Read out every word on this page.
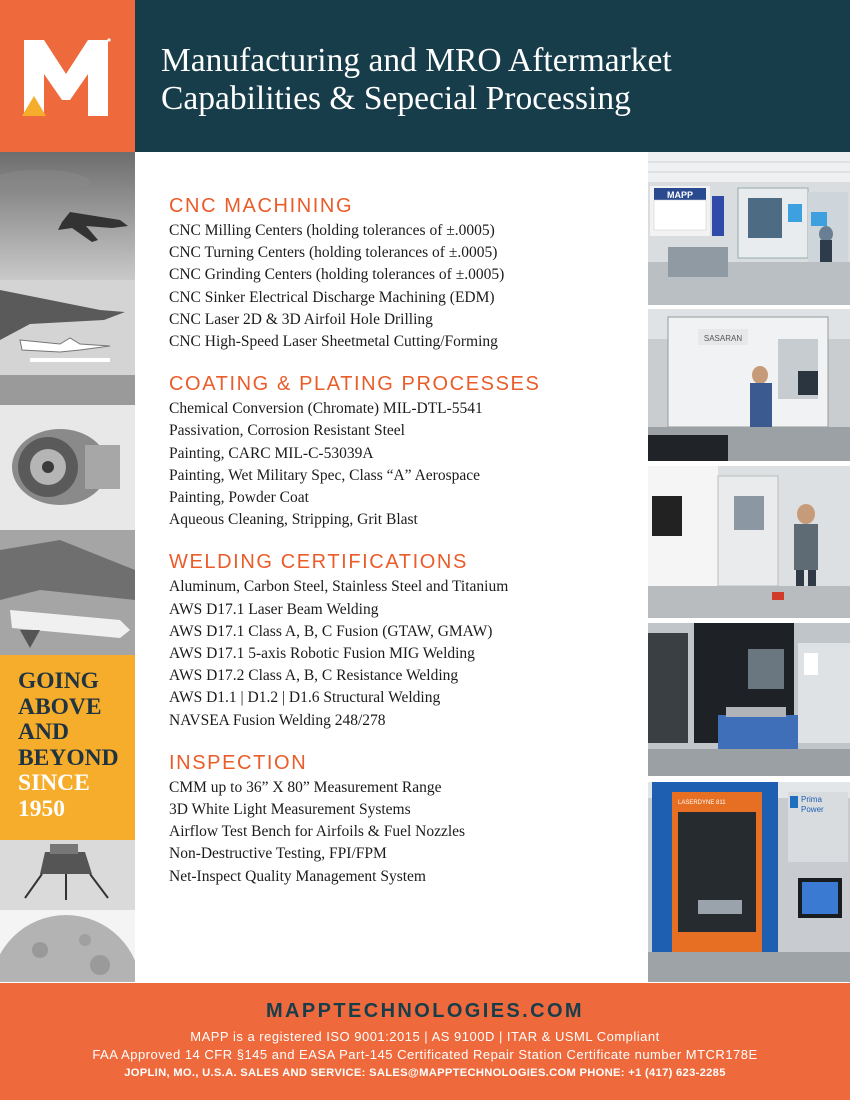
Manufacturing and MRO Aftermarket
Capabilities & Sepecial Processing
GOING
ABOVE
AND
BEYOND
SINCE
1950
CNC MACHINING
CNC Milling Centers (holding tolerances of ±.0005)
CNC Turning Centers (holding tolerances of ±.0005)
CNC Grinding Centers (holding tolerances of ±.0005)
CNC Sinker Electrical Discharge Machining (EDM)
CNC Laser 2D & 3D Airfoil Hole Drilling
CNC High-Speed Laser Sheetmetal Cutting/Forming
COATING & PLATING PROCESSES
Chemical Conversion (Chromate) MIL-DTL-5541
Passivation, Corrosion Resistant Steel
Painting, CARC MIL-C-53039A
Painting, Wet Military Spec, Class “A” Aerospace
Painting, Powder Coat
Aqueous Cleaning, Stripping, Grit Blast
WELDING CERTIFICATIONS
Aluminum, Carbon Steel, Stainless Steel and Titanium
AWS D17.1 Laser Beam Welding
AWS D17.1 Class A, B, C Fusion (GTAW, GMAW)
AWS D17.1 5-axis Robotic Fusion MIG Welding
AWS D17.2 Class A, B, C Resistance Welding
AWS D1.1 | D1.2 | D1.6 Structural Welding
NAVSEA Fusion Welding 248/278
INSPECTION
CMM up to 36” X 80” Measurement Range
3D White Light Measurement Systems
Airflow Test Bench for Airfoils & Fuel Nozzles
Non-Destructive Testing, FPI/FPM
Net-Inspect Quality Management System
MAPP
SASARAN
LASERDYNE 811	Prima
Power
MAPPTECHNOLOGIES.COM
MAPP is a registered ISO 9001:2015 | AS 9100D | ITAR & USML Compliant
FAA Approved 14 CFR §145 and EASA Part-145 Certificated Repair Station Certificate number MTCR178E
JOPLIN, MO., U.S.A. SALES AND SERVICE: SALES@MAPPTECHNOLOGIES.COM PHONE: +1 (417) 623-2285
